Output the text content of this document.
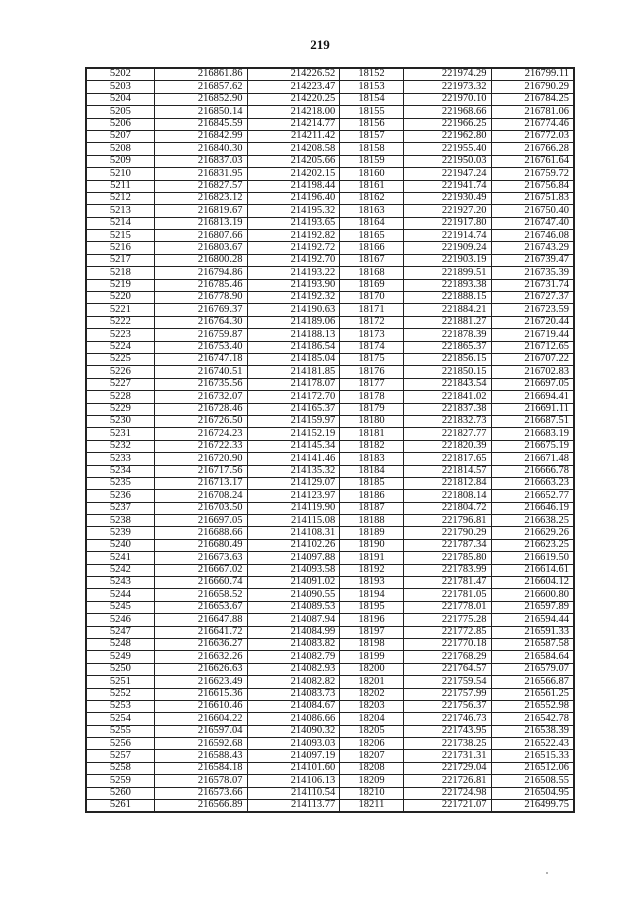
219
5202	216861.86	214226.52	18152	221974.29	216799.11
5203	216857.62	214223.47	18153	221973.32	216790.29
5204	216852.90	214220.25	18154	221970.10	216784.25
5205	216850.14	214218.00	18155	221968.66	216781.06
5206	216845.59	214214.77	18156	221966.25	216774.46
5207	216842.99	214211.42	18157	221962.80	216772.03
5208	216840.30	214208.58	18158	221955.40	216766.28
5209	216837.03	214205.66	18159	221950.03	216761.64
5210	216831.95	214202.15	18160	221947.24	216759.72
5211	216827.57	214198.44	18161	221941.74	216756.84
5212	216823.12	214196.40	18162	221930.49	216751.83
5213	216819.67	214195.32	18163	221927.20	216750.40
5214	216813.19	214193.65	18164	221917.80	216747.40
5215	216807.66	214192.82	18165	221914.74	216746.08
5216	216803.67	214192.72	18166	221909.24	216743.29
5217	216800.28	214192.70	18167	221903.19	216739.47
5218	216794.86	214193.22	18168	221899.51	216735.39
5219	216785.46	214193.90	18169	221893.38	216731.74
5220	216778.90	214192.32	18170	221888.15	216727.37
5221	216769.37	214190.63	18171	221884.21	216723.59
5222	216764.30	214189.06	18172	221881.27	216720.44
5223	216759.87	214188.13	18173	221878.39	216719.44
5224	216753.40	214186.54	18174	221865.37	216712.65
5225	216747.18	214185.04	18175	221856.15	216707.22
5226	216740.51	214181.85	18176	221850.15	216702.83
5227	216735.56	214178.07	18177	221843.54	216697.05
5228	216732.07	214172.70	18178	221841.02	216694.41
5229	216728.46	214165.37	18179	221837.38	216691.11
5230	216726.50	214159.97	18180	221832.73	216687.51
5231	216724.23	214152.19	18181	221827.77	216683.19
5232	216722.33	214145.34	18182	221820.39	216675.19
5233	216720.90	214141.46	18183	221817.65	216671.48
5234	216717.56	214135.32	18184	221814.57	216666.78
5235	216713.17	214129.07	18185	221812.84	216663.23
5236	216708.24	214123.97	18186	221808.14	216652.77
5237	216703.50	214119.90	18187	221804.72	216646.19
5238	216697.05	214115.08	18188	221796.81	216638.25
5239	216688.66	214108.31	18189	221790.29	216629.26
5240	216680.49	214102.26	18190	221787.34	216623.25
5241	216673.63	214097.88	18191	221785.80	216619.50
5242	216667.02	214093.58	18192	221783.99	216614.61
5243	216660.74	214091.02	18193	221781.47	216604.12
5244	216658.52	214090.55	18194	221781.05	216600.80
5245	216653.67	214089.53	18195	221778.01	216597.89
5246	216647.88	214087.94	18196	221775.28	216594.44
5247	216641.72	214084.99	18197	221772.85	216591.33
5248	216636.27	214083.82	18198	221770.18	216587.58
5249	216632.26	214082.79	18199	221768.29	216584.64
5250	216626.63	214082.93	18200	221764.57	216579.07
5251	216623.49	214082.82	18201	221759.54	216566.87
5252	216615.36	214083.73	18202	221757.99	216561.25
5253	216610.46	214084.67	18203	221756.37	216552.98
5254	216604.22	214086.66	18204	221746.73	216542.78
5255	216597.04	214090.32	18205	221743.95	216538.39
5256	216592.68	214093.03	18206	221738.25	216522.43
5257	216588.43	214097.19	18207	221731.31	216515.33
5258	216584.18	214101.60	18208	221729.04	216512.06
5259	216578.07	214106.13	18209	221726.81	216508.55
5260	216573.66	214110.54	18210	221724.98	216504.95
5261	216566.89	214113.77	18211	221721.07	216499.75
